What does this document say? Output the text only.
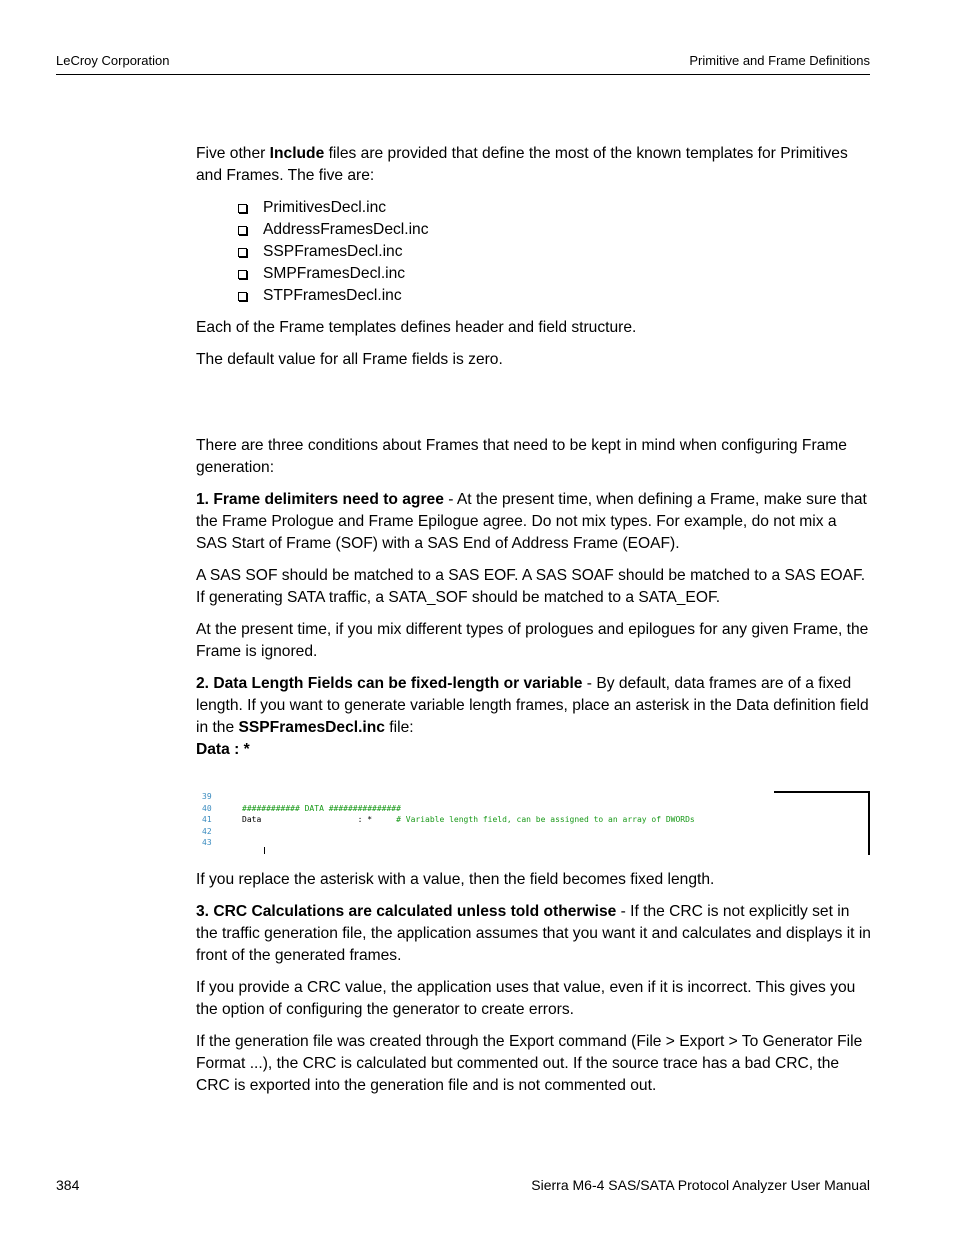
LeCroy Corporation	Primitive and Frame Definitions

Five other Include files are provided that define the most of the known templates for Primitives and Frames. The five are:

PrimitivesDecl.inc
AddressFramesDecl.inc
SSPFramesDecl.inc
SMPFramesDecl.inc
STPFramesDecl.inc

Each of the Frame templates defines header and field structure.

The default value for all Frame fields is zero.

There are three conditions about Frames that need to be kept in mind when configuring Frame generation:

1. Frame delimiters need to agree - At the present time, when defining a Frame, make sure that the Frame Prologue and Frame Epilogue agree. Do not mix types. For example, do not mix a SAS Start of Frame (SOF) with a SAS End of Address Frame (EOAF).

A SAS SOF should be matched to a SAS EOF. A SAS SOAF should be matched to a SAS EOAF. If generating SATA traffic, a SATA_SOF should be matched to a SATA_EOF.

At the present time, if you mix different types of prologues and epilogues for any given Frame, the Frame is ignored.

2. Data Length Fields can be fixed-length or variable - By default, data frames are of a fixed length. If you want to generate variable length frames, place an asterisk in the Data definition field in the SSPFramesDecl.inc file:
Data : *

39
40	############ DATA ###############
41	Data                    : *     # Variable length field, can be assigned to an array of DWORDs
42
43

If you replace the asterisk with a value, then the field becomes fixed length.

3. CRC Calculations are calculated unless told otherwise - If the CRC is not explicitly set in the traffic generation file, the application assumes that you want it and calculates and displays it in front of the generated frames.

If you provide a CRC value, the application uses that value, even if it is incorrect. This gives you the option of configuring the generator to create errors.

If the generation file was created through the Export command (File > Export > To Generator File Format ...), the CRC is calculated but commented out. If the source trace has a bad CRC, the CRC is exported into the generation file and is not commented out.

384	Sierra M6-4 SAS/SATA Protocol Analyzer User Manual
